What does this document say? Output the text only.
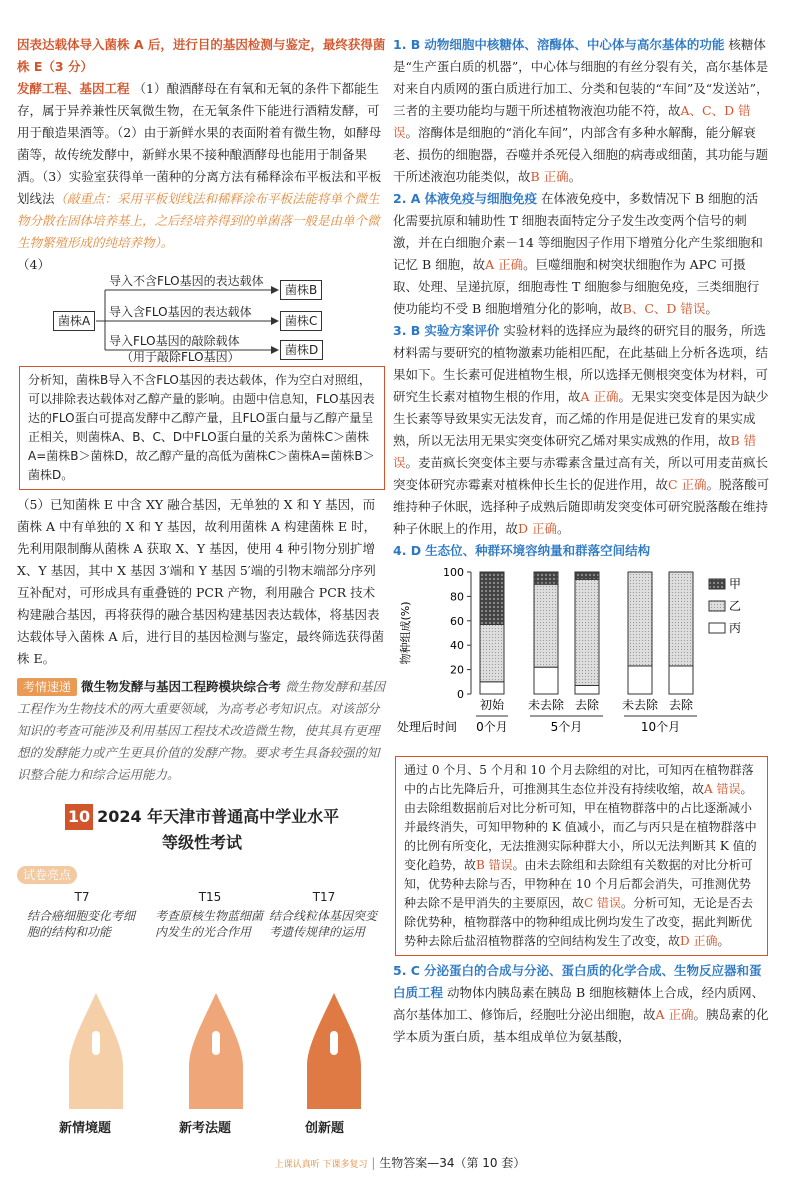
因表达载体导入菌株 A 后，进行目的基因检测与鉴定，最终获得菌株 E（3 分）

发酵工程、基因工程 （1）酿酒酵母在有氧和无氧的条件下都能生存，属于异养兼性厌氧微生物，在无氧条件下能进行酒精发酵，可用于酿造果酒等。（2）由于新鲜水果的表面附着有微生物，如酵母菌等，故传统发酵中，新鲜水果不接种酿酒酵母也能用于制备果酒。（3）实验室获得单一菌种的分离方法有稀释涂布平板法和平板划线法（敲重点：采用平板划线法和稀释涂布平板法能将单个微生物分散在固体培养基上，之后经培养得到的单菌落一般是由单个微生物繁殖形成的纯培养物）。

（4）

菌株A
导入不含FLO基因的表达载体
导入含FLO基因的表达载体
导入FLO基因的敲除载体
（用于敲除FLO基因）
菌株B
菌株C
菌株D
分析知，菌株B导入不含FLO基因的表达载体，作为空白对照组，可以排除表达载体对乙醇产量的影响。由题中信息知，FLO基因表达的FLO蛋白可提高发酵中乙醇产量，且FLO蛋白量与乙醇产量呈正相关，则菌株A、B、C、D中FLO蛋白量的关系为菌株C＞菌株A=菌株B＞菌株D，故乙醇产量的高低为菌株C＞菌株A=菌株B＞菌株D。

（5）已知菌株 E 中含 XY 融合基因，无单独的 X 和 Y 基因，而菌株 A 中有单独的 X 和 Y 基因，故利用菌株 A 构建菌株 E 时，先利用限制酶从菌株 A 获取 X、Y 基因，使用 4 种引物分别扩增 X、Y 基因，其中 X 基因 3′端和 Y 基因 5′端的引物末端部分序列互补配对，可形成具有重叠链的 PCR 产物，利用融合 PCR 技术构建融合基因，再将获得的融合基因构建基因表达载体，将基因表达载体导入菌株 A 后，进行目的基因检测与鉴定，最终筛选获得菌株 E。

考情速递 微生物发酵与基因工程跨模块综合考 微生物发酵和基因工程作为生物技术的两大重要领域，为高考必考知识点。对该部分知识的考查可能涉及利用基因工程技术改造微生物，使其具有更理想的发酵能力或产生更具价值的发酵产物。要求考生具备较强的知识整合能力和综合运用能力。
10 2024 年天津市普通高中学业水平
等级性考试
试卷亮点
T7
结合癌细胞变化考细胞的结构和功能
T15
考查原核生物蓝细菌内发生的光合作用
T17
结合线粒体基因突变考遗传规律的运用
新情境题	新考法题	创新题

1. B 动物细胞中核糖体、溶酶体、中心体与高尔基体的功能 核糖体是“生产蛋白质的机器”，中心体与细胞的有丝分裂有关，高尔基体是对来自内质网的蛋白质进行加工、分类和包装的“车间”及“发送站”，三者的主要功能均与题干所述植物液泡功能不符，故A、C、D 错误。溶酶体是细胞的“消化车间”，内部含有多种水解酶，能分解衰老、损伤的细胞器，吞噬并杀死侵入细胞的病毒或细菌，其功能与题干所述液泡功能类似，故B 正确。

2. A 体液免疫与细胞免疫 在体液免疫中，多数情况下 B 细胞的活化需要抗原和辅助性 T 细胞表面特定分子发生改变两个信号的刺激，并在白细胞介素－14 等细胞因子作用下增殖分化产生浆细胞和记忆 B 细胞，故A 正确。巨噬细胞和树突状细胞作为 APC 可摄取、处理、呈递抗原，细胞毒性 T 细胞参与细胞免疫，三类细胞行使功能均不受 B 细胞增殖分化的影响，故B、C、D 错误。

3. B 实验方案评价 实验材料的选择应为最终的研究目的服务，所选材料需与要研究的植物激素功能相匹配，在此基础上分析各选项，结果如下。生长素可促进植物生根，所以选择无侧根突变体为材料，可研究生长素对植物生根的作用，故A 正确。无果实突变体是因为缺少生长素等导致果实无法发育，而乙烯的作用是促进已发育的果实成熟，所以无法用无果实突变体研究乙烯对果实成熟的作用，故B 错误。麦苗疯长突变体主要与赤霉素含量过高有关，所以可用麦苗疯长突变体研究赤霉素对植株伸长生长的促进作用，故C 正确。脱落酸可维持种子休眠，选择种子成熟后随即萌发突变体可研究脱落酸在维持种子休眠上的作用，故D 正确。

4. D 生态位、种群环境容纳量和群落空间结构

0
20
40
60
80
100
物种组成(%)
初始 未去除 去除 未去除 去除
0个月	5个月	10个月
处理后时间
甲
乙
丙
通过 0 个月、5 个月和 10 个月去除组的对比，可知丙在植物群落中的占比先降后升，可推测其生态位并没有持续收缩，故A 错误。由去除组数据前后对比分析可知，甲在植物群落中的占比逐渐减小并最终消失，可知甲物种的 K 值减小，而乙与丙只是在植物群落中的比例有所变化，无法推测实际种群大小，所以无法判断其 K 值的变化趋势，故B 错误。由未去除组和去除组有关数据的对比分析可知，优势种去除与否，甲物种在 10 个月后都会消失，可推测优势种去除不是甲消失的主要原因，故C 错误。分析可知，无论是否去除优势种，植物群落中的物种组成比例均发生了改变，据此判断优势种去除后盐沼植物群落的空间结构发生了改变，故D 正确。

5. C 分泌蛋白的合成与分泌、蛋白质的化学合成、生物反应器和蛋白质工程 动物体内胰岛素在胰岛 B 细胞核糖体上合成，经内质网、高尔基体加工、修饰后，经胞吐分泌出细胞，故A 正确。胰岛素的化学本质为蛋白质，基本组成单位为氨基酸，

上课认真听 下课多复习 | 生物答案—34（第 10 套）
